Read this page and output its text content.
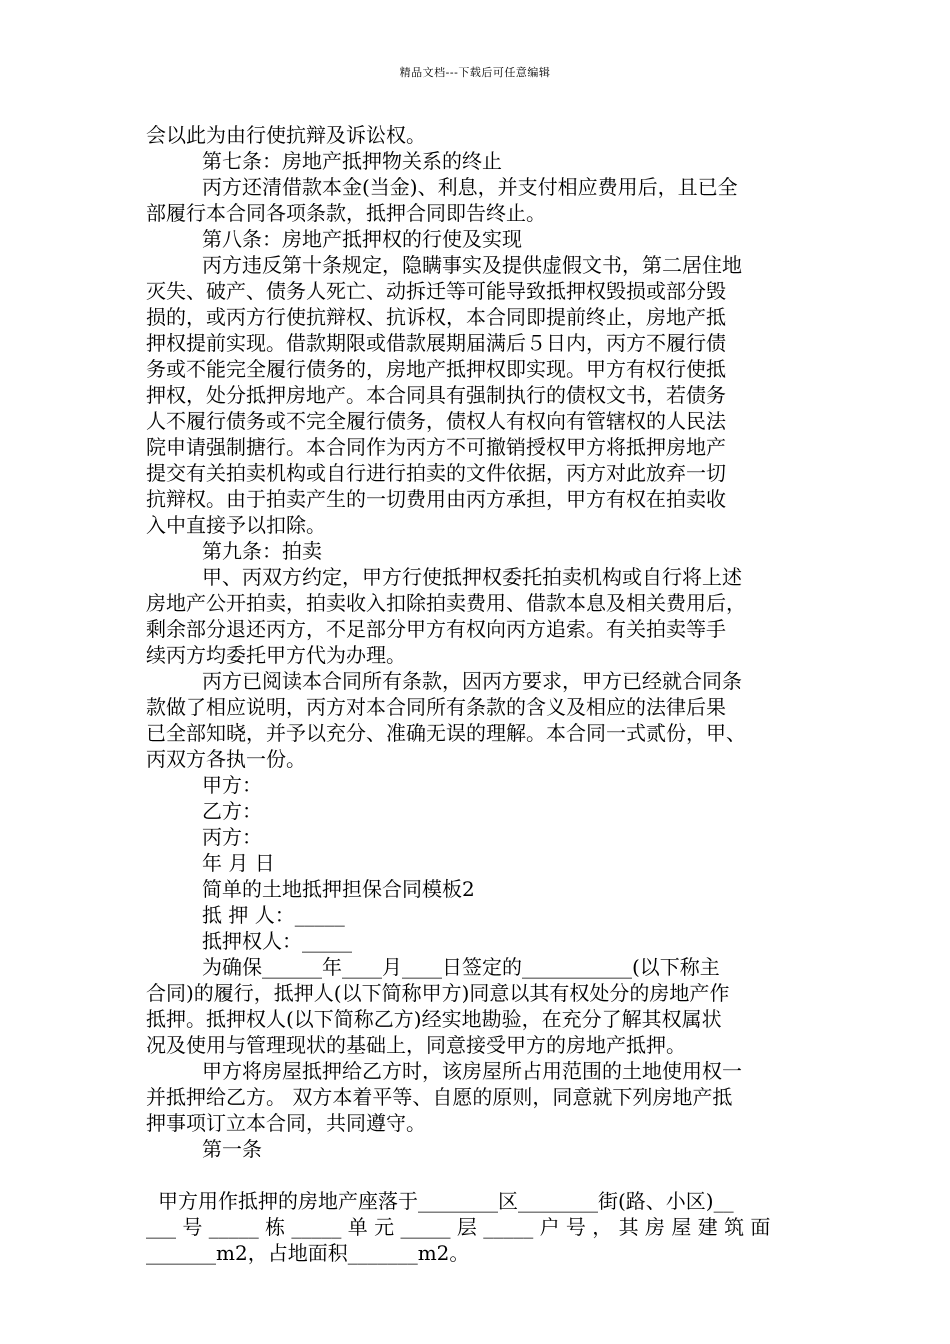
精品文档---下载后可任意编辑
会以此为由行使抗辩及诉讼权。
第七条：房地产抵押物关系的终止
丙方还清借款本金(当金)、利息，并支付相应费用后，且已全
部履行本合同各项条款，抵押合同即告终止。
第八条：房地产抵押权的行使及实现
丙方违反第十条规定，隐瞒事实及提供虚假文书，第二居住地
灭失、破产、债务人死亡、动拆迁等可能导致抵押权毁损或部分毁
损的，或丙方行使抗辩权、抗诉权，本合同即提前终止，房地产抵
押权提前实现。借款期限或借款展期届满后５日内，丙方不履行债
务或不能完全履行债务的，房地产抵押权即实现。甲方有权行使抵
押权，处分抵押房地产。本合同具有强制执行的债权文书，若债务
人不履行债务或不完全履行债务，债权人有权向有管辖权的人民法
院申请强制搪行。本合同作为丙方不可撤销授权甲方将抵押房地产
提交有关拍卖机构或自行进行拍卖的文件依据，丙方对此放弃一切
抗辩权。由于拍卖产生的一切费用由丙方承担，甲方有权在拍卖收
入中直接予以扣除。
第九条：拍卖
甲、丙双方约定，甲方行使抵押权委托拍卖机构或自行将上述
房地产公开拍卖，拍卖收入扣除拍卖费用、借款本息及相关费用后，
剩余部分退还丙方，不足部分甲方有权向丙方追索。有关拍卖等手
续丙方均委托甲方代为办理。
丙方已阅读本合同所有条款，因丙方要求，甲方已经就合同条
款做了相应说明，丙方对本合同所有条款的含义及相应的法律后果
已全部知晓，并予以充分、准确无误的理解。本合同一式贰份，甲、
丙双方各执一份。
甲方：
乙方：
丙方：
年 月 日
简单的土地抵押担保合同模板2
抵 押 人：_____
抵押权人：_____
为确保______年____月____日签定的___________(以下称主
合同)的履行，抵押人(以下简称甲方)同意以其有权处分的房地产作
抵押。抵押权人(以下简称乙方)经实地勘验，在充分了解其权属状
况及使用与管理现状的基础上，同意接受甲方的房地产抵押。
甲方将房屋抵押给乙方时，该房屋所占用范围的土地使用权一
并抵押给乙方。 双方本着平等、自愿的原则，同意就下列房地产抵
押事项订立本合同，共同遵守。
第一条
甲方用作抵押的房地产座落于________区________街(路、小区)__
___ 号 _____ 栋 _____ 单 元 _____ 层 _____ 户 号 ， 其 房 屋 建 筑 面
_______m2，占地面积_______m2。
